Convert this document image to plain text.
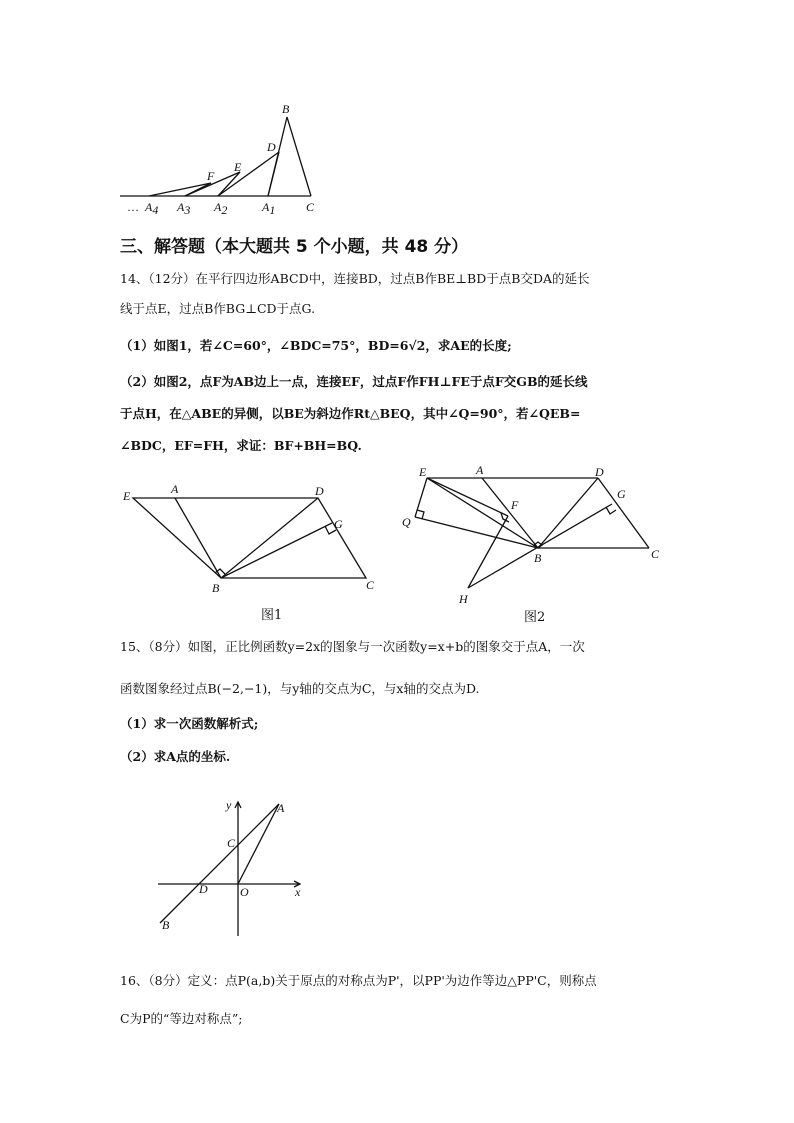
B
D
E
F
… A4 A3 A2	A1	C
三、解答题（本大题共 5 个小题，共 48 分）
14、（12分）在平行四边形ABCD中，连接BD，过点B作BE⊥BD于点B交DA的延长
线于点E，过点B作BG⊥CD于点G.
（1）如图1，若∠C=60°，∠BDC=75°，BD=6√2，求AE的长度;
（2）如图2，点F为AB边上一点，连接EF，过点F作FH⊥FE于点F交GB的延长线
于点H，在△ABE的异侧，以BE为斜边作Rt△BEQ，其中∠Q=90°，若∠QEB=
∠BDC，EF=FH，求证：BF+BH=BQ.
E	A	D
G
B	C
图1
E	A	D
G
F
Q
B	C
H
图2
15、（8分）如图，正比例函数y=2x的图象与一次函数y=x+b的图象交于点A，一次
函数图象经过点B(−2,−1)，与y轴的交点为C，与x轴的交点为D.
（1）求一次函数解析式;
（2）求A点的坐标.
y
x
A
C
D	O
B
16、（8分）定义：点P(a,b)关于原点的对称点为P'，以PP'为边作等边△PP'C，则称点
C为P的“等边对称点”;
